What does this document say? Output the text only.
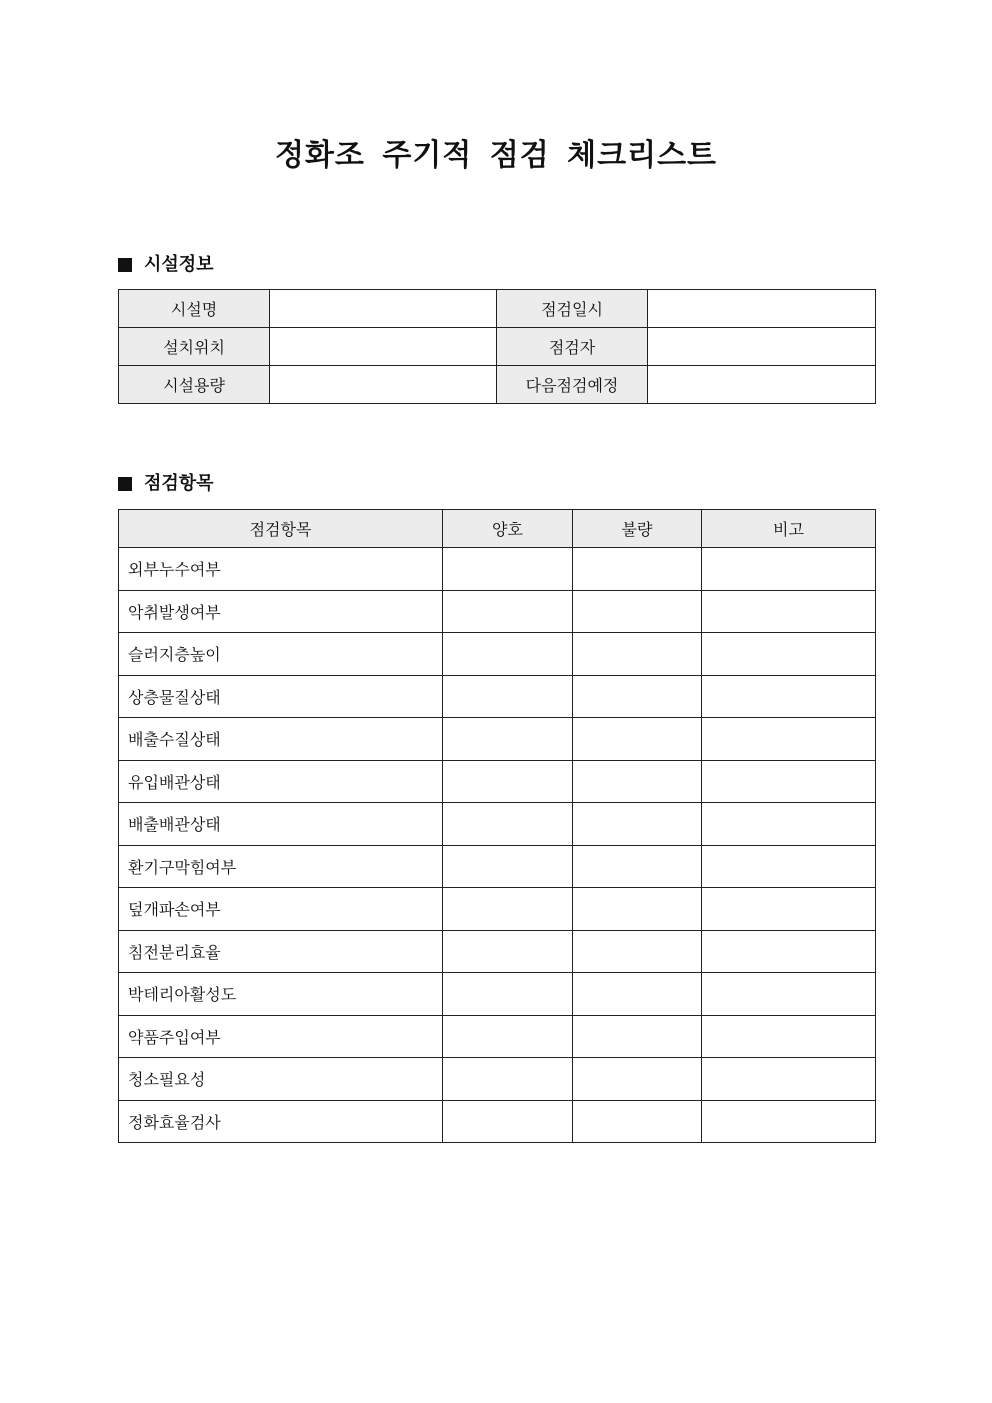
정화조 주기적 점검 체크리스트
시설정보
시설명		점검일시	
설치위치		점검자	
시설용량		다음점검예정	
점검항목
점검항목	양호	불량	비고
외부누수여부			
악취발생여부			
슬러지층높이			
상층물질상태			
배출수질상태			
유입배관상태			
배출배관상태			
환기구막힘여부			
덮개파손여부			
침전분리효율			
박테리아활성도			
약품주입여부			
청소필요성			
정화효율검사			
